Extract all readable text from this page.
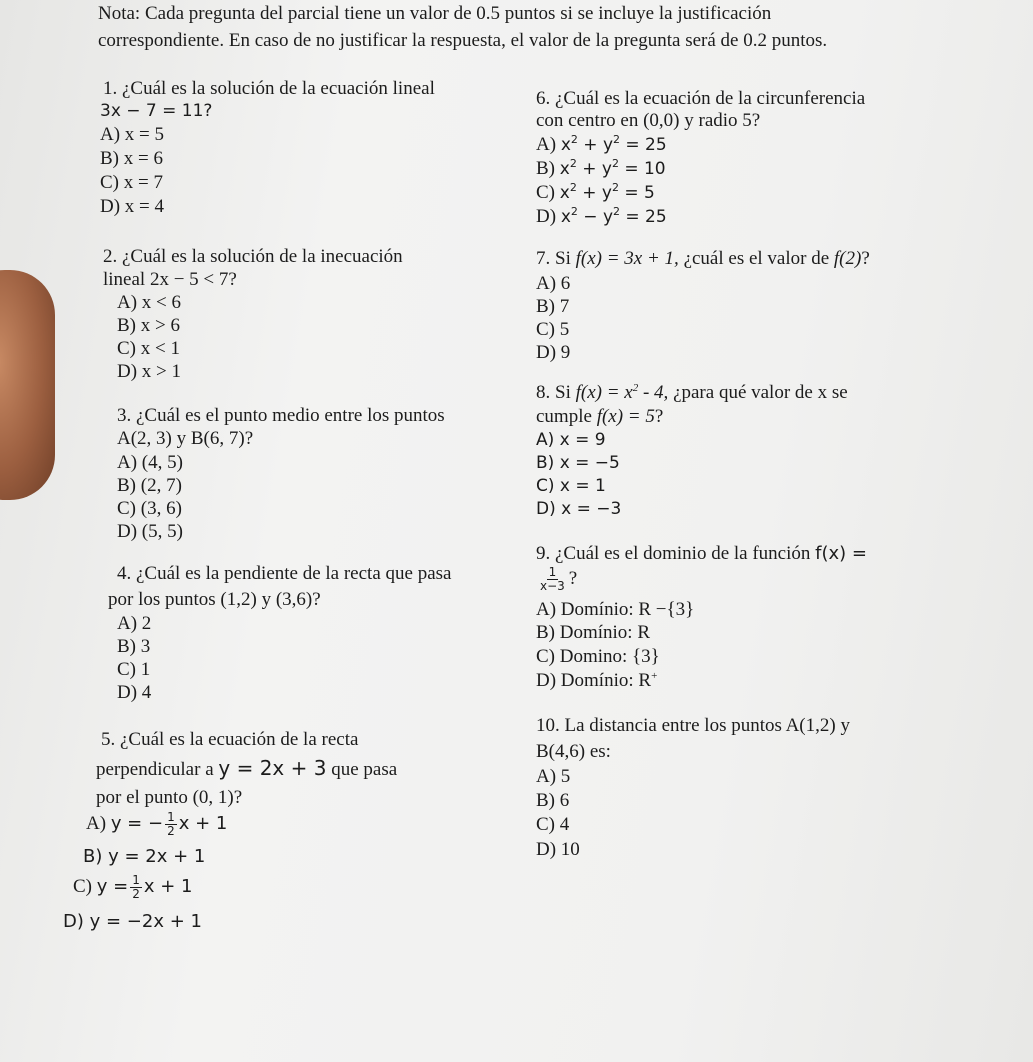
Nota: Cada pregunta del parcial tiene un valor de 0.5 puntos si se incluye la justificación
correspondiente. En caso de no justificar la respuesta, el valor de la pregunta será de 0.2 puntos.
1. ¿Cuál es la solución de la ecuación lineal
3x − 7 = 11?
A) x = 5
B) x = 6
C) x = 7
D) x = 4
2. ¿Cuál es la solución de la inecuación
lineal 2x − 5 < 7?
A) x < 6
B) x > 6
C) x < 1
D) x > 1
3. ¿Cuál es el punto medio entre los puntos
A(2, 3) y B(6, 7)?
A) (4, 5)
B) (2, 7)
C) (3, 6)
D) (5, 5)
4. ¿Cuál es la pendiente de la recta que pasa
por los puntos (1,2) y (3,6)?
A) 2
B) 3
C) 1
D) 4
5. ¿Cuál es la ecuación de la recta
perpendicular a y = 2x + 3 que pasa
por el punto (0, 1)?
A) y = − $\frac{1}{2}$ x + 1
B) y = 2x + 1
C) $y = \frac{1}{2}$ x + 1
D) y = −2x + 1
6. ¿Cuál es la ecuación de la circunferencia
con centro en (0,0) y radio 5?
A) $x^2 + y^2 = 25$
B) $x^2 + y^2 = 10$
C) $x^2 + y^2 = 5$
D) $x^2 - y^2 = 25$
7. Si f(x) = 3x + 1, ¿cuál es el valor de f(2)?
A) 6
B) 7
C) 5
D) 9
8. Si $f(x) = x^2 - 4$, ¿para qué valor de x se
cumple f(x) = 5?
A) x = 9
B) x = −5
C) x = 1
D) x = −3
9. ¿Cuál es el dominio de la función f(x) =
$\frac{1}{x-3}$ ?
A) Domínio: R −{3}
B) Domínio: R
C) Domino: {3}
D) Domínio: R+
10. La distancia entre los puntos A(1,2) y
B(4,6) es:
A) 5
B) 6
C) 4
D) 10
